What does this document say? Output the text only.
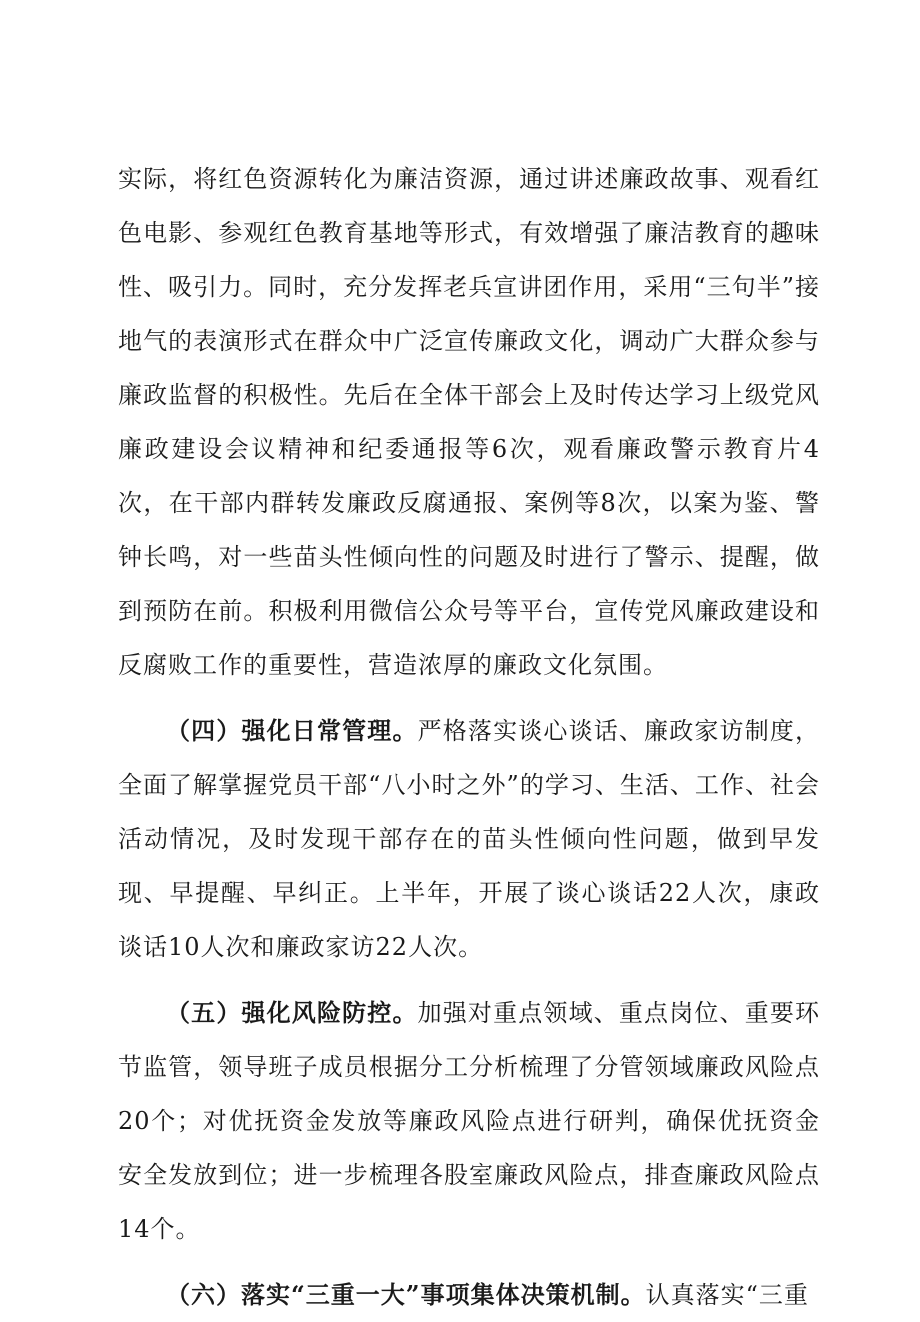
实际，将红色资源转化为廉洁资源，通过讲述廉政故事、观看红色电影、参观红色教育基地等形式，有效增强了廉洁教育的趣味性、吸引力。同时，充分发挥老兵宣讲团作用，采用“三句半”接地气的表演形式在群众中广泛宣传廉政文化，调动广大群众参与廉政监督的积极性。先后在全体干部会上及时传达学习上级党风廉政建设会议精神和纪委通报等6次，观看廉政警示教育片4次，在干部内群转发廉政反腐通报、案例等8次，以案为鉴、警钟长鸣，对一些苗头性倾向性的问题及时进行了警示、提醒，做到预防在前。积极利用微信公众号等平台，宣传党风廉政建设和反腐败工作的重要性，营造浓厚的廉政文化氛围。

（四）强化日常管理。严格落实谈心谈话、廉政家访制度，全面了解掌握党员干部“八小时之外”的学习、生活、工作、社会活动情况，及时发现干部存在的苗头性倾向性问题，做到早发现、早提醒、早纠正。上半年，开展了谈心谈话22人次，康政谈话10人次和廉政家访22人次。

（五）强化风险防控。加强对重点领域、重点岗位、重要环节监管，领导班子成员根据分工分析梳理了分管领域廉政风险点20个；对优抚资金发放等廉政风险点进行研判，确保优抚资金安全发放到位；进一步梳理各股室廉政风险点，排查廉政风险点14个。

（六）落实“三重一大”事项集体决策机制。认真落实“三重
